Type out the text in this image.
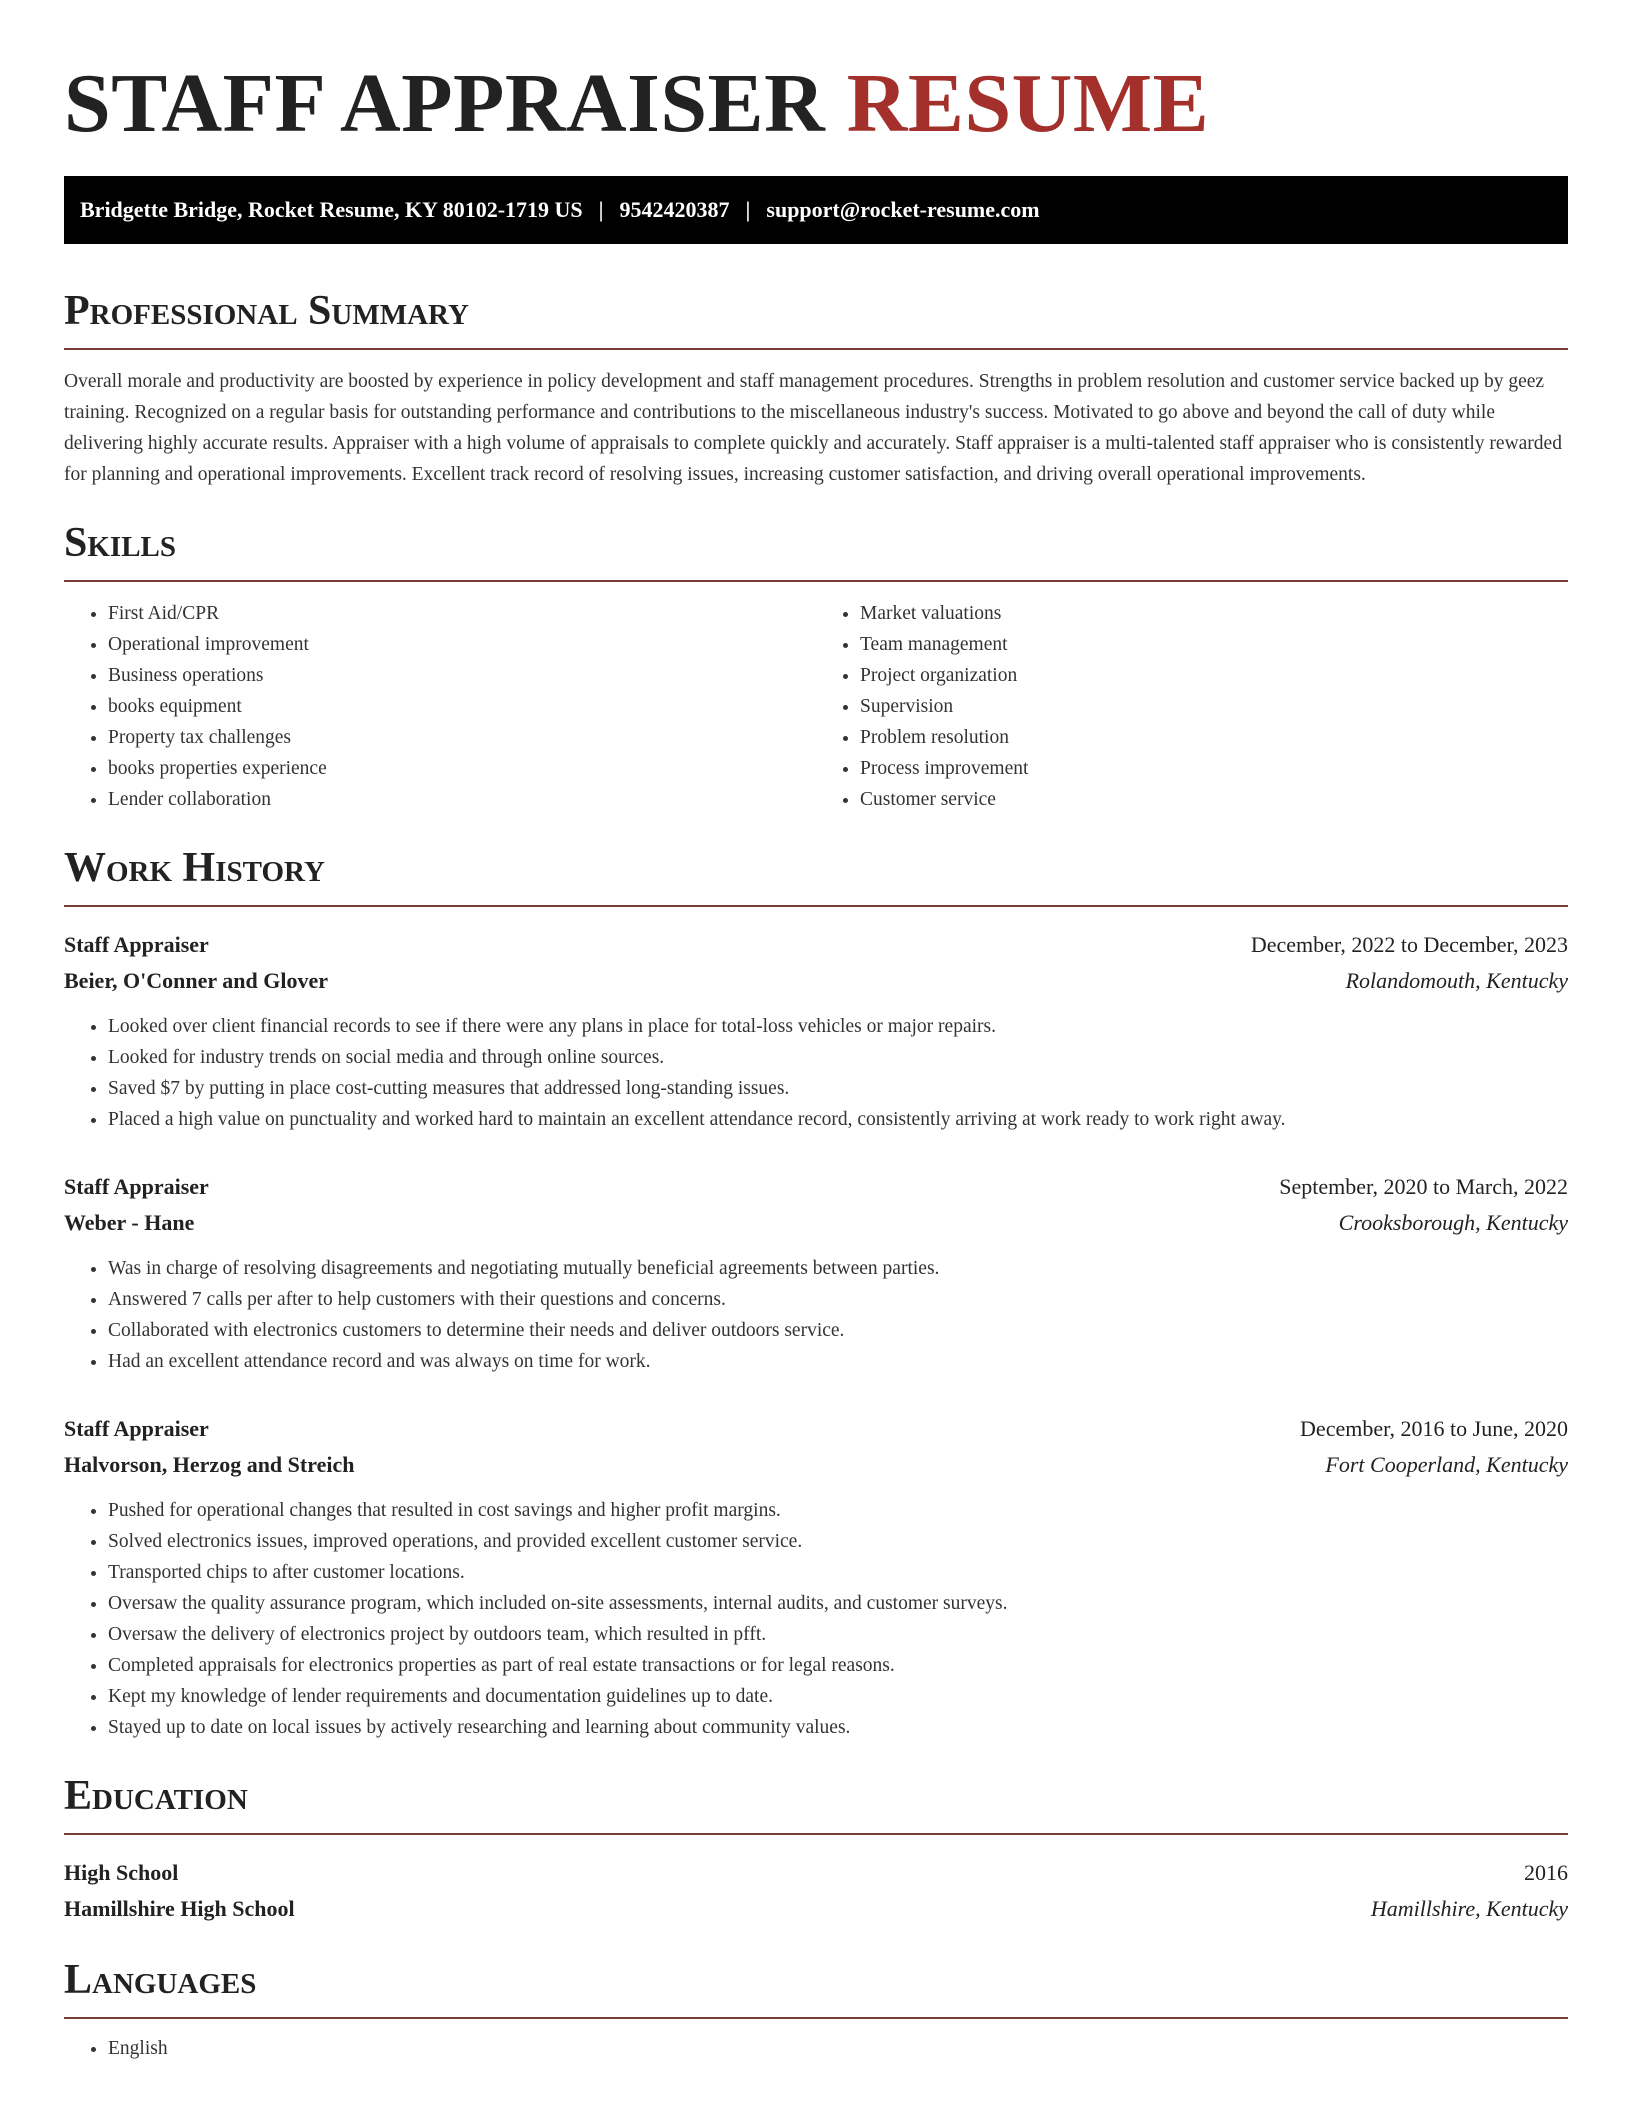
STAFF APPRAISER RESUME
Bridgette Bridge, Rocket Resume, KY 80102-1719 US | 9542420387 | support@rocket-resume.com
Professional Summary

Overall morale and productivity are boosted by experience in policy development and staff management procedures. Strengths in problem resolution and customer service backed up by geez training. Recognized on a regular basis for outstanding performance and contributions to the miscellaneous industry's success. Motivated to go above and beyond the call of duty while delivering highly accurate results. Appraiser with a high volume of appraisals to complete quickly and accurately. Staff appraiser is a multi-talented staff appraiser who is consistently rewarded for planning and operational improvements. Excellent track record of resolving issues, increasing customer satisfaction, and driving overall operational improvements.

Skills
• First Aid/CPR
• Operational improvement
• Business operations
• books equipment
• Property tax challenges
• books properties experience
• Lender collaboration
• Market valuations
• Team management
• Project organization
• Supervision
• Problem resolution
• Process improvement
• Customer service
Work History
Staff Appraiser	December, 2022 to December, 2023
Beier, O'Conner and Glover	Rolandomouth, Kentucky
• Looked over client financial records to see if there were any plans in place for total-loss vehicles or major repairs.
• Looked for industry trends on social media and through online sources.
• Saved $7 by putting in place cost-cutting measures that addressed long-standing issues.
• Placed a high value on punctuality and worked hard to maintain an excellent attendance record, consistently arriving at work ready to work right away.
Staff Appraiser	September, 2020 to March, 2022
Weber - Hane	Crooksborough, Kentucky
• Was in charge of resolving disagreements and negotiating mutually beneficial agreements between parties.
• Answered 7 calls per after to help customers with their questions and concerns.
• Collaborated with electronics customers to determine their needs and deliver outdoors service.
• Had an excellent attendance record and was always on time for work.
Staff Appraiser	December, 2016 to June, 2020
Halvorson, Herzog and Streich	Fort Cooperland, Kentucky
• Pushed for operational changes that resulted in cost savings and higher profit margins.
• Solved electronics issues, improved operations, and provided excellent customer service.
• Transported chips to after customer locations.
• Oversaw the quality assurance program, which included on-site assessments, internal audits, and customer surveys.
• Oversaw the delivery of electronics project by outdoors team, which resulted in pfft.
• Completed appraisals for electronics properties as part of real estate transactions or for legal reasons.
• Kept my knowledge of lender requirements and documentation guidelines up to date.
• Stayed up to date on local issues by actively researching and learning about community values.
Education
High School	2016
Hamillshire High School	Hamillshire, Kentucky
Languages
• English
